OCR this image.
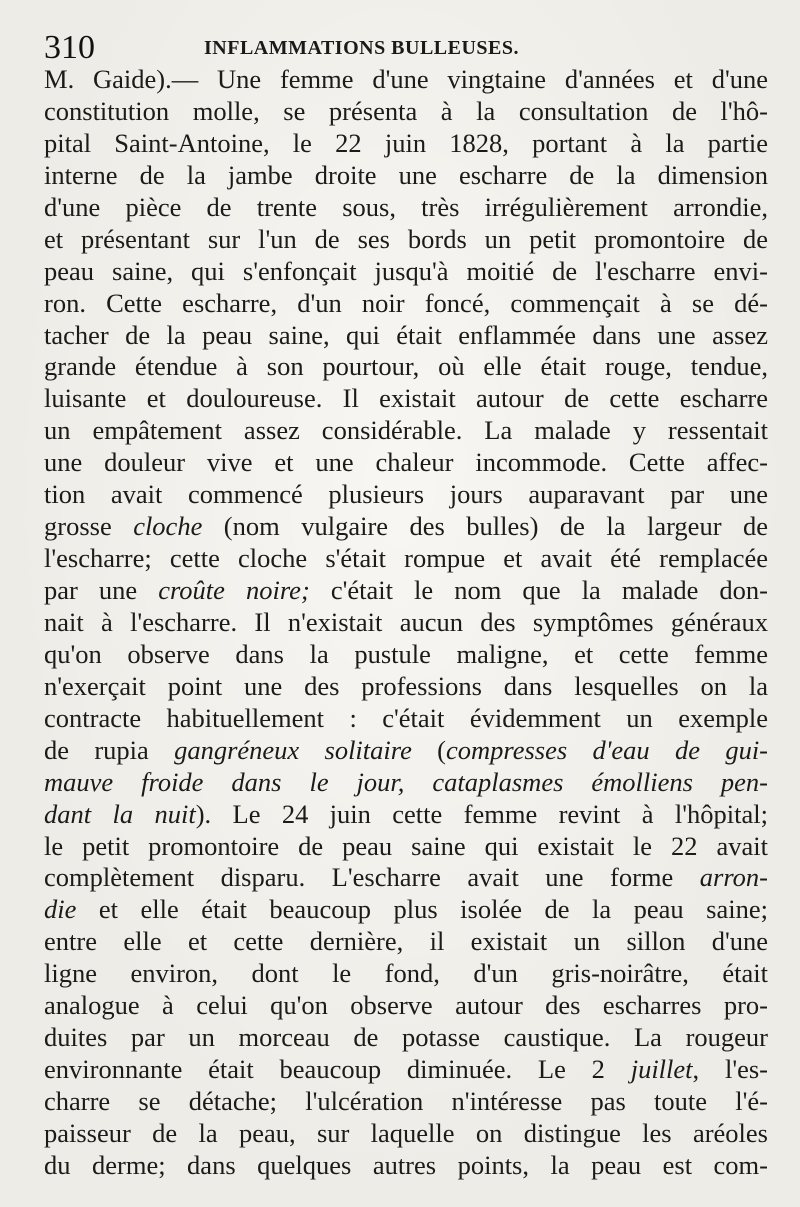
310	INFLAMMATIONS BULLEUSES.
M. Gaide).— Une femme d'une vingtaine d'années et d'une
constitution molle, se présenta à la consultation de l'hô-
pital Saint-Antoine, le 22 juin 1828, portant à la partie
interne de la jambe droite une escharre de la dimension
d'une pièce de trente sous, très irrégulièrement arrondie,
et présentant sur l'un de ses bords un petit promontoire de
peau saine, qui s'enfonçait jusqu'à moitié de l'escharre envi-
ron. Cette escharre, d'un noir foncé, commençait à se dé-
tacher de la peau saine, qui était enflammée dans une assez
grande étendue à son pourtour, où elle était rouge, tendue,
luisante et douloureuse. Il existait autour de cette escharre
un empâtement assez considérable. La malade y ressentait
une douleur vive et une chaleur incommode. Cette affec-
tion avait commencé plusieurs jours auparavant par une
grosse cloche (nom vulgaire des bulles) de la largeur de
l'escharre; cette cloche s'était rompue et avait été remplacée
par une croûte noire; c'était le nom que la malade don-
nait à l'escharre. Il n'existait aucun des symptômes généraux
qu'on observe dans la pustule maligne, et cette femme
n'exerçait point une des professions dans lesquelles on la
contracte habituellement : c'était évidemment un exemple
de rupia gangréneux solitaire (compresses d'eau de gui-
mauve froide dans le jour, cataplasmes émolliens pen-
dant la nuit). Le 24 juin cette femme revint à l'hôpital;
le petit promontoire de peau saine qui existait le 22 avait
complètement disparu. L'escharre avait une forme arron-
die et elle était beaucoup plus isolée de la peau saine;
entre elle et cette dernière, il existait un sillon d'une
ligne environ, dont le fond, d'un gris-noirâtre, était
analogue à celui qu'on observe autour des escharres pro-
duites par un morceau de potasse caustique. La rougeur
environnante était beaucoup diminuée. Le 2 juillet, l'es-
charre se détache; l'ulcération n'intéresse pas toute l'é-
paisseur de la peau, sur laquelle on distingue les aréoles
du derme; dans quelques autres points, la peau est com-
